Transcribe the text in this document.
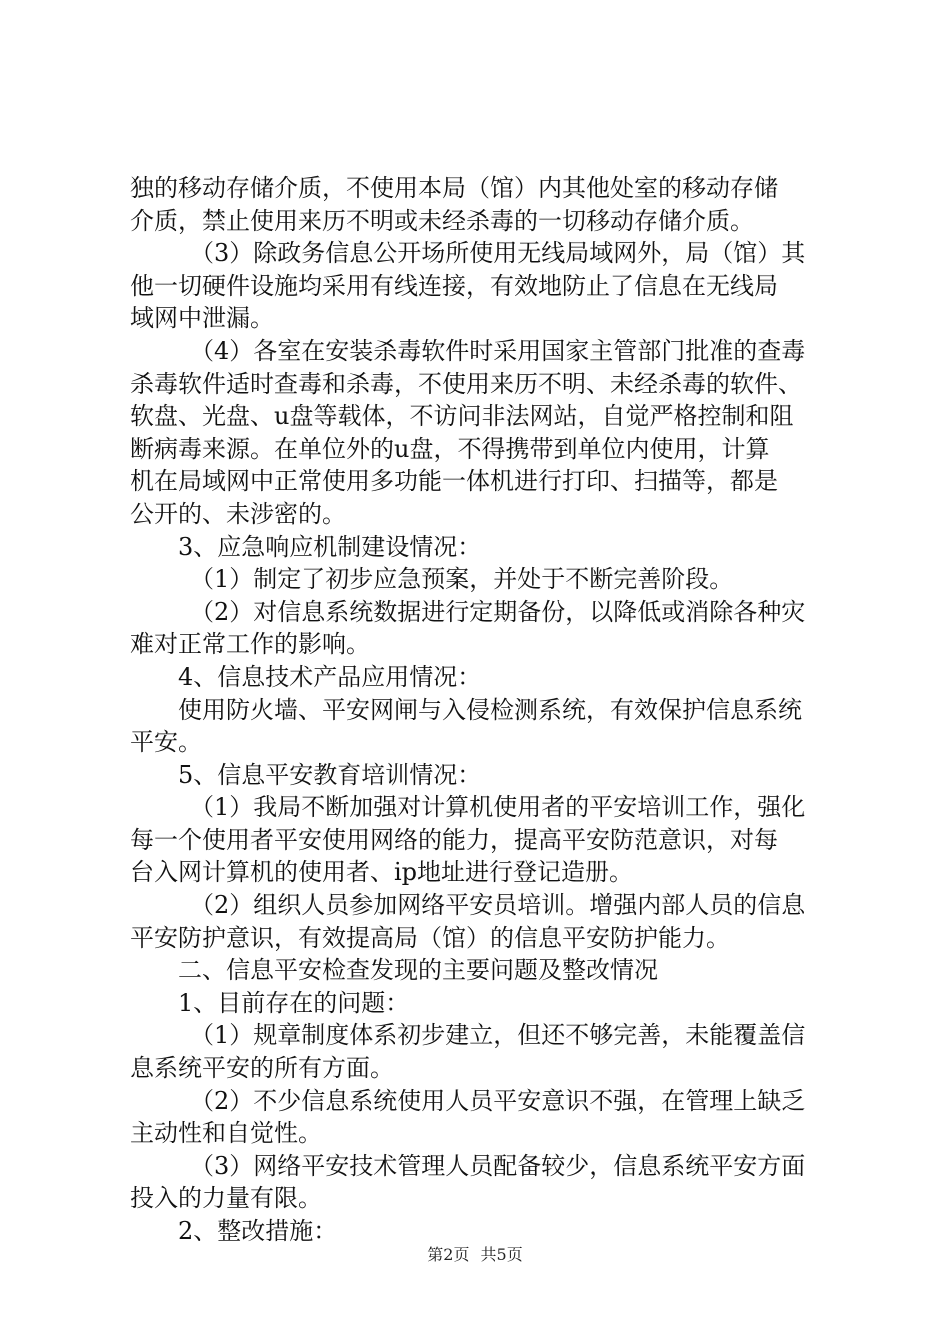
独的移动存储介质，不使用本局（馆）内其他处室的移动存储
介质，禁止使用来历不明或未经杀毒的一切移动存储介质。
（3）除政务信息公开场所使用无线局域网外，局（馆）其
他一切硬件设施均采用有线连接，有效地防止了信息在无线局
域网中泄漏。
（4）各室在安装杀毒软件时采用国家主管部门批准的查毒
杀毒软件适时查毒和杀毒，不使用来历不明、未经杀毒的软件、
软盘、光盘、u盘等载体，不访问非法网站，自觉严格控制和阻
断病毒来源。在单位外的u盘，不得携带到单位内使用，计算
机在局域网中正常使用多功能一体机进行打印、扫描等，都是
公开的、未涉密的。
3、应急响应机制建设情况：
（1）制定了初步应急预案，并处于不断完善阶段。
（2）对信息系统数据进行定期备份，以降低或消除各种灾
难对正常工作的影响。
4、信息技术产品应用情况：
使用防火墙、平安网闸与入侵检测系统，有效保护信息系统
平安。
5、信息平安教育培训情况：
（1）我局不断加强对计算机使用者的平安培训工作，强化
每一个使用者平安使用网络的能力，提高平安防范意识，对每
台入网计算机的使用者、ip地址进行登记造册。
（2）组织人员参加网络平安员培训。增强内部人员的信息
平安防护意识，有效提高局（馆）的信息平安防护能力。
二、信息平安检查发现的主要问题及整改情况
1、目前存在的问题：
（1）规章制度体系初步建立，但还不够完善，未能覆盖信
息系统平安的所有方面。
（2）不少信息系统使用人员平安意识不强，在管理上缺乏
主动性和自觉性。
（3）网络平安技术管理人员配备较少，信息系统平安方面
投入的力量有限。
2、整改措施：
第2页 共5页
